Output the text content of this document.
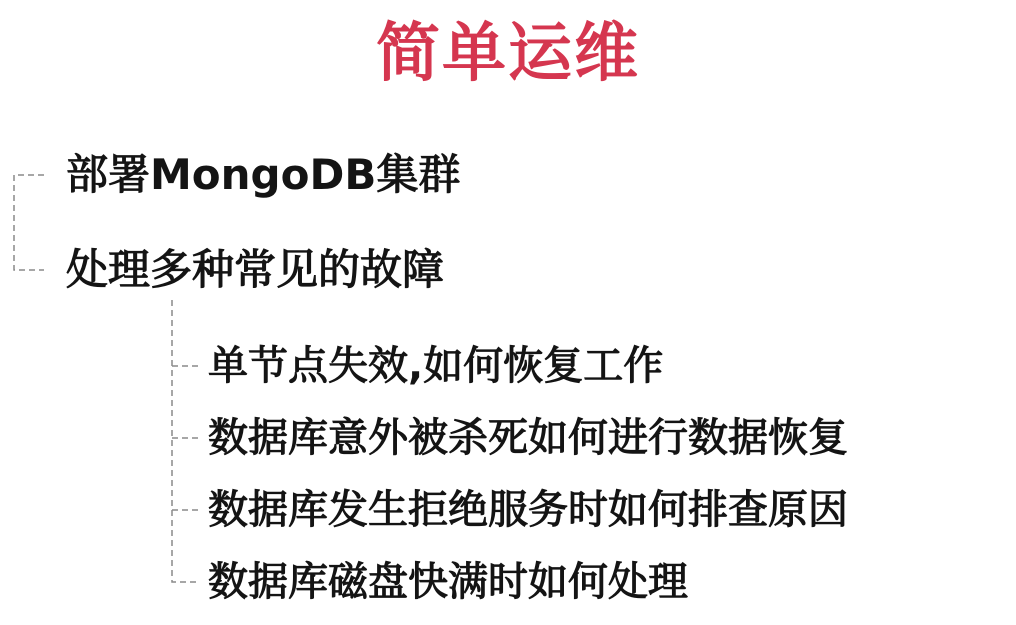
简单运维
部署MongoDB集群
处理多种常见的故障
单节点失效,如何恢复工作
数据库意外被杀死如何进行数据恢复
数据库发生拒绝服务时如何排查原因
数据库磁盘快满时如何处理
